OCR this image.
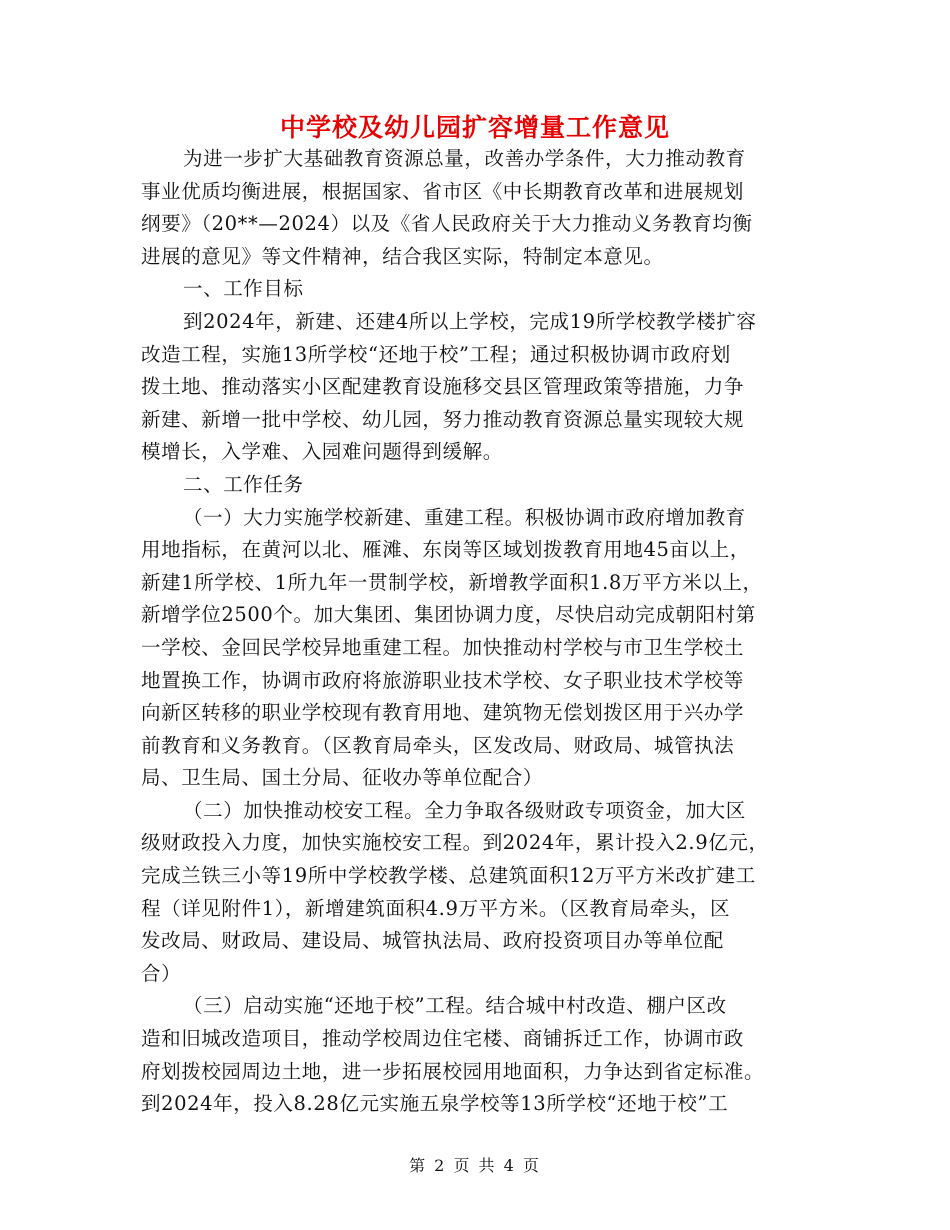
中学校及幼儿园扩容增量工作意见
为进一步扩大基础教育资源总量，改善办学条件，大力推动教育
事业优质均衡进展，根据国家、省市区《中长期教育改革和进展规划
纲要》（20**—2024）以及《省人民政府关于大力推动义务教育均衡
进展的意见》等文件精神，结合我区实际，特制定本意见。
一、工作目标
到2024年，新建、还建4所以上学校，完成19所学校教学楼扩容
改造工程，实施13所学校“还地于校”工程；通过积极协调市政府划
拨土地、推动落实小区配建教育设施移交县区管理政策等措施，力争
新建、新增一批中学校、幼儿园，努力推动教育资源总量实现较大规
模增长，入学难、入园难问题得到缓解。
二、工作任务
（一）大力实施学校新建、重建工程。积极协调市政府增加教育
用地指标，在黄河以北、雁滩、东岗等区域划拨教育用地45亩以上，
新建1所学校、1所九年一贯制学校，新增教学面积1.8万平方米以上，
新增学位2500个。加大集团、集团协调力度，尽快启动完成朝阳村第
一学校、金回民学校异地重建工程。加快推动村学校与市卫生学校土
地置换工作，协调市政府将旅游职业技术学校、女子职业技术学校等
向新区转移的职业学校现有教育用地、建筑物无偿划拨区用于兴办学
前教育和义务教育。（区教育局牵头，区发改局、财政局、城管执法
局、卫生局、国土分局、征收办等单位配合）
（二）加快推动校安工程。全力争取各级财政专项资金，加大区
级财政投入力度，加快实施校安工程。到2024年，累计投入2.9亿元，
完成兰铁三小等19所中学校教学楼、总建筑面积12万平方米改扩建工
程（详见附件1），新增建筑面积4.9万平方米。（区教育局牵头，区
发改局、财政局、建设局、城管执法局、政府投资项目办等单位配
合）
（三）启动实施“还地于校”工程。结合城中村改造、棚户区改
造和旧城改造项目，推动学校周边住宅楼、商铺拆迁工作，协调市政
府划拨校园周边土地，进一步拓展校园用地面积，力争达到省定标准。
到2024年，投入8.28亿元实施五泉学校等13所学校“还地于校”工
第 2 页 共 4 页
